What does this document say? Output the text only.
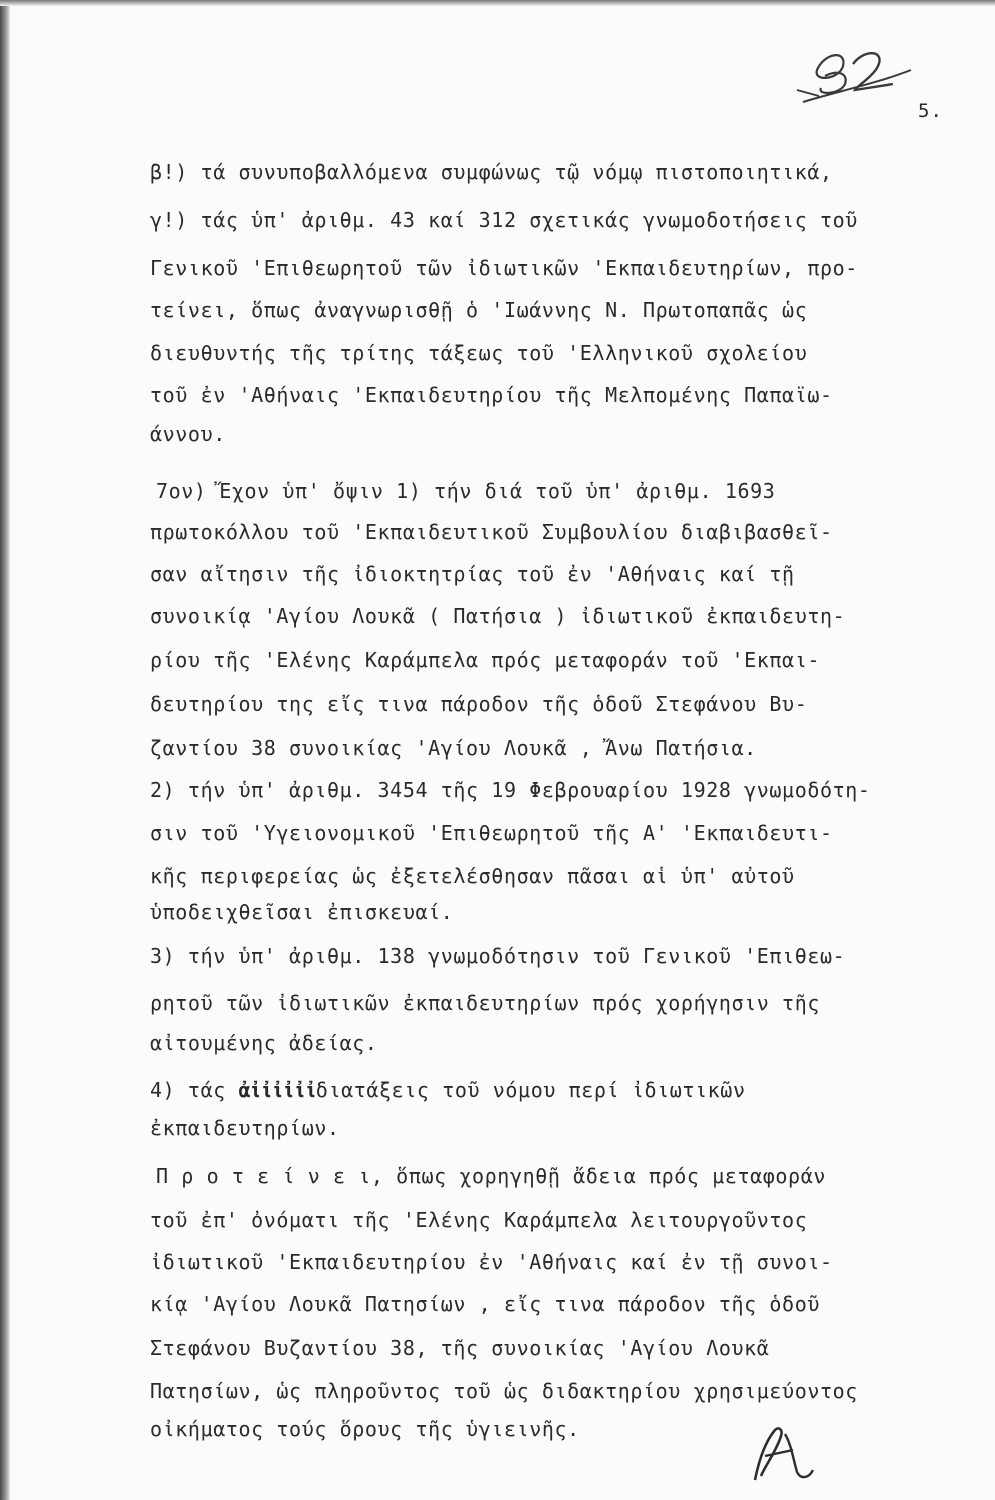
5.
β!) τά συνυποβαλλόμενα συμφώνως τῷ νόμῳ πιστοποιητικά,
γ!) τάς ὑπ' ἀριθμ. 43 καί 312 σχετικάς γνωμοδοτήσεις τοῦ
Γενικοῦ 'Επιθεωρητοῦ τῶν ἰδιωτικῶν 'Εκπαιδευτηρίων, προ-
τείνει, ὅπως ἀναγνωρισθῇ ὁ 'Ιωάννης Ν. Πρωτοπαπᾶς ὡς
διευθυντής τῆς τρίτης τάξεως τοῦ 'Ελληνικοῦ σχολείου
τοῦ ἐν 'Αθήναις 'Εκπαιδευτηρίου τῆς Μελπομένης Παπαϊω-
άννου.
7ον) Ἔχον ὑπ' ὄψιν 1) τήν διά τοῦ ὑπ' ἀριθμ. 1693
πρωτοκόλλου τοῦ 'Εκπαιδευτικοῦ Συμβουλίου διαβιβασθεῖ-
σαν αἴτησιν τῆς ἰδιοκτητρίας τοῦ ἐν 'Αθήναις καί τῇ
συνοικίᾳ 'Αγίου Λουκᾶ ( Πατήσια ) ἰδιωτικοῦ ἐκπαιδευτη-
ρίου τῆς 'Ελένης Καράμπελα πρός μεταφοράν τοῦ 'Εκπαι-
δευτηρίου της εἴς τινα πάροδον τῆς ὁδοῦ Στεφάνου Βυ-
ζαντίου 38 συνοικίας 'Αγίου Λουκᾶ , Ἄνω Πατήσια.
2) τήν ὑπ' ἀριθμ. 3454 τῆς 19 Φεβρουαρίου 1928 γνωμοδότη-
σιν τοῦ 'Υγειονομικοῦ 'Επιθεωρητοῦ τῆς Α' 'Εκπαιδευτι-
κῆς περιφερείας ὡς ἐξετελέσθησαν πᾶσαι αἱ ὑπ' αὐτοῦ
ὑποδειχθεῖσαι ἐπισκευαί.
3) τήν ὑπ' ἀριθμ. 138 γνωμοδότησιν τοῦ Γενικοῦ 'Επιθεω-
ρητοῦ τῶν ἰδιωτικῶν ἐκπαιδευτηρίων πρός χορήγησιν τῆς
αἰτουμένης ἀδείας.
4) τάς ἀἰἰἰἰἰἰδιατάξεις τοῦ νόμου περί ἰδιωτικῶν
ἐκπαιδευτηρίων.
Π ρ ο τ ε ί ν ε ι, ὅπως χορηγηθῇ ἄδεια πρός μεταφοράν
τοῦ ἐπ' ὀνόματι τῆς 'Ελένης Καράμπελα λειτουργοῦντος
ἰδιωτικοῦ 'Εκπαιδευτηρίου ἐν 'Αθήναις καί ἐν τῇ συνοι-
κίᾳ 'Αγίου Λουκᾶ Πατησίων , εἴς τινα πάροδον τῆς ὁδοῦ
Στεφάνου Βυζαντίου 38, τῆς συνοικίας 'Αγίου Λουκᾶ
Πατησίων, ὡς πληροῦντος τοῦ ὡς διδακτηρίου χρησιμεύοντος
οἰκήματος τούς ὅρους τῆς ὑγιεινῆς.
